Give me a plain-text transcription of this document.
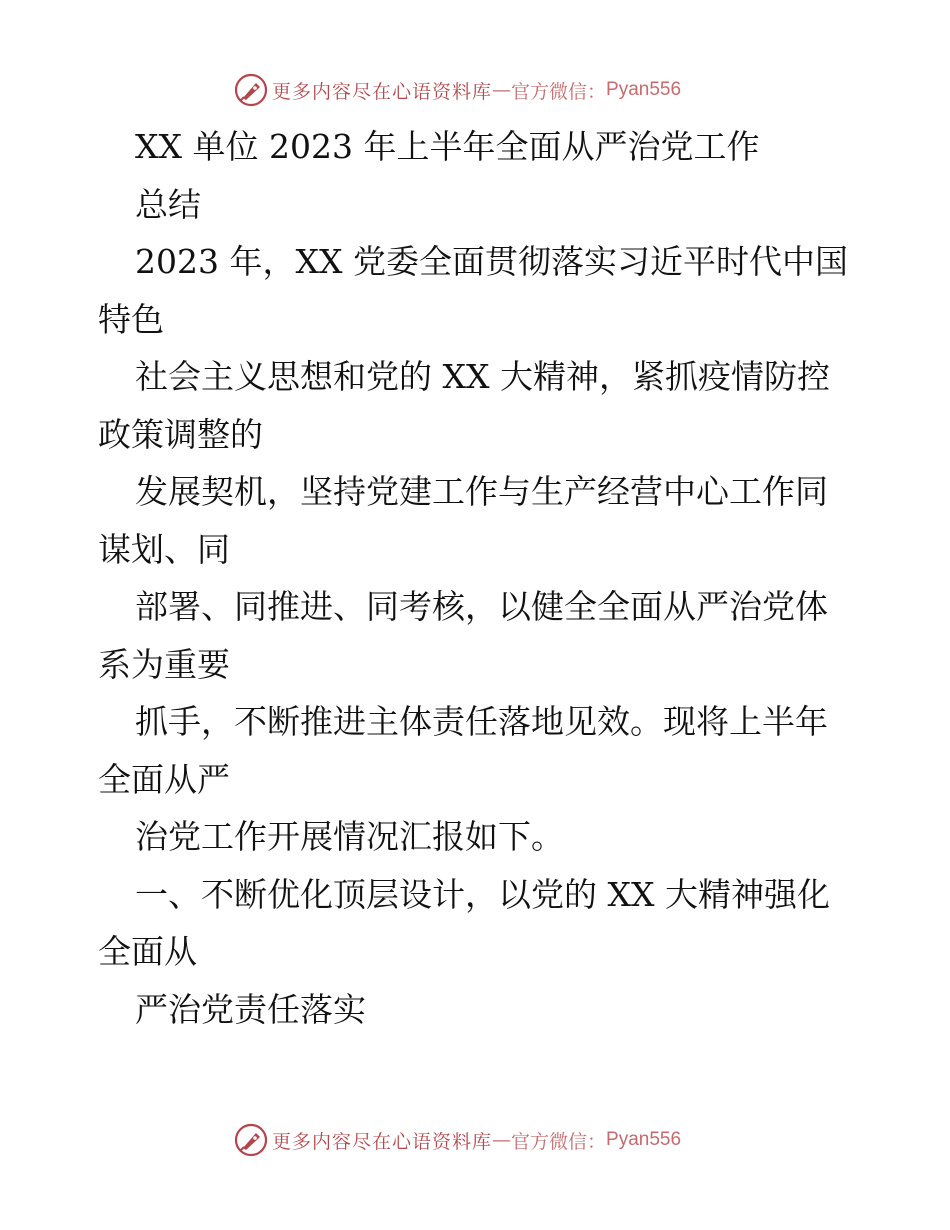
更多内容尽在心语资料库 — 官方微信： Pyan556
XX 单位 2023 年上半年全面从严治党工作
总结
2023 年，XX 党委全面贯彻落实习近平时代中国
特色
社会主义思想和党的 XX 大精神，紧抓疫情防控
政策调整的
发展契机，坚持党建工作与生产经营中心工作同
谋划、同
部署、同推进、同考核，以健全全面从严治党体
系为重要
抓手，不断推进主体责任落地见效。现将上半年
全面从严
治党工作开展情况汇报如下。
一、不断优化顶层设计，以党的 XX 大精神强化
全面从
严治党责任落实
更多内容尽在心语资料库 — 官方微信： Pyan556
